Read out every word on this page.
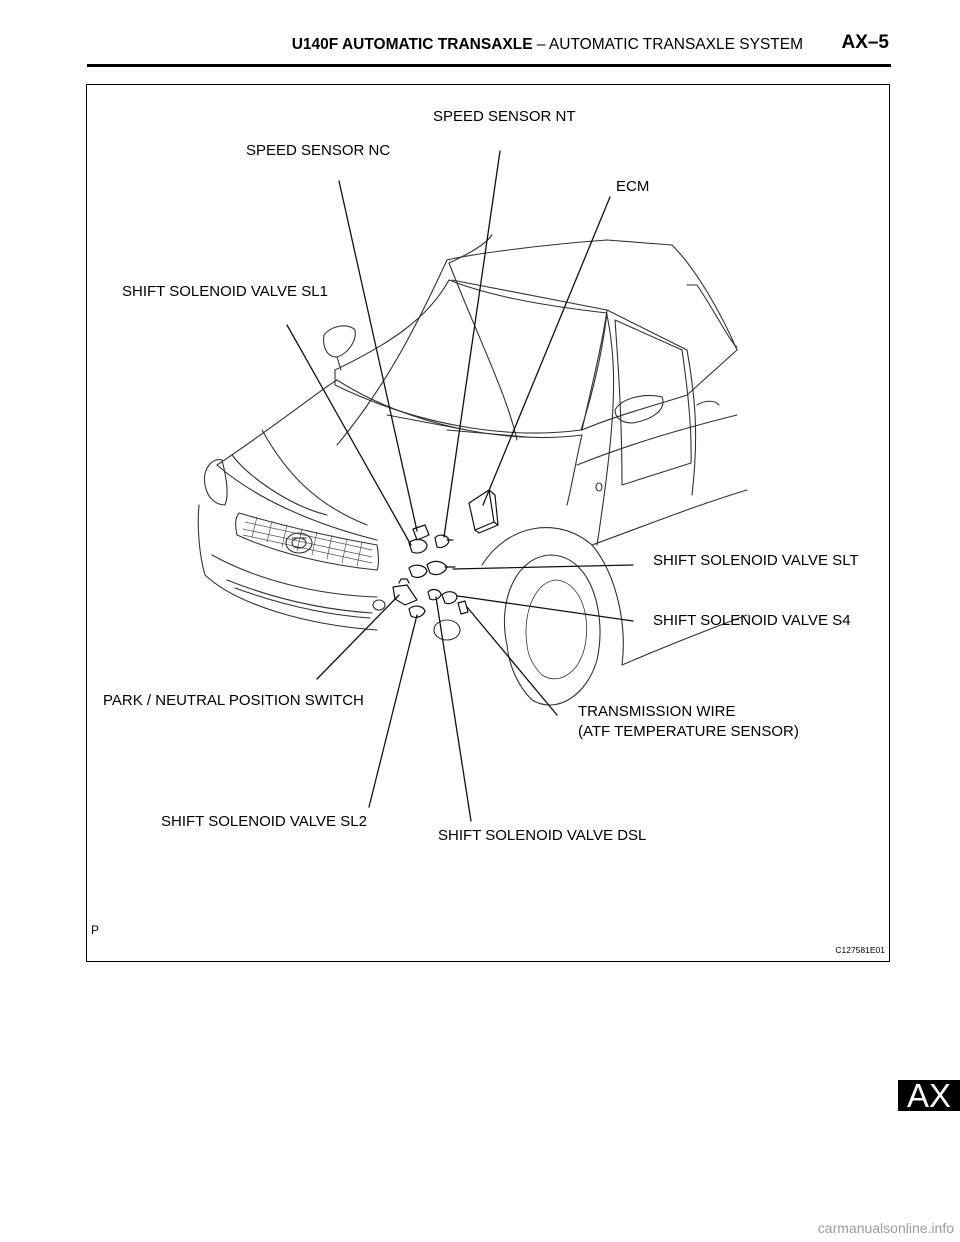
U140F AUTOMATIC TRANSAXLE – AUTOMATIC TRANSAXLE SYSTEM AX–5
SPEED SENSOR NT
SPEED SENSOR NC
ECM
SHIFT SOLENOID VALVE SL1
SHIFT SOLENOID VALVE SLT
SHIFT SOLENOID VALVE S4
PARK / NEUTRAL POSITION SWITCH
TRANSMISSION WIRE
(ATF TEMPERATURE SENSOR)
SHIFT SOLENOID VALVE SL2
SHIFT SOLENOID VALVE DSL
P
C127581E01
AX
carmanualsonline.info
